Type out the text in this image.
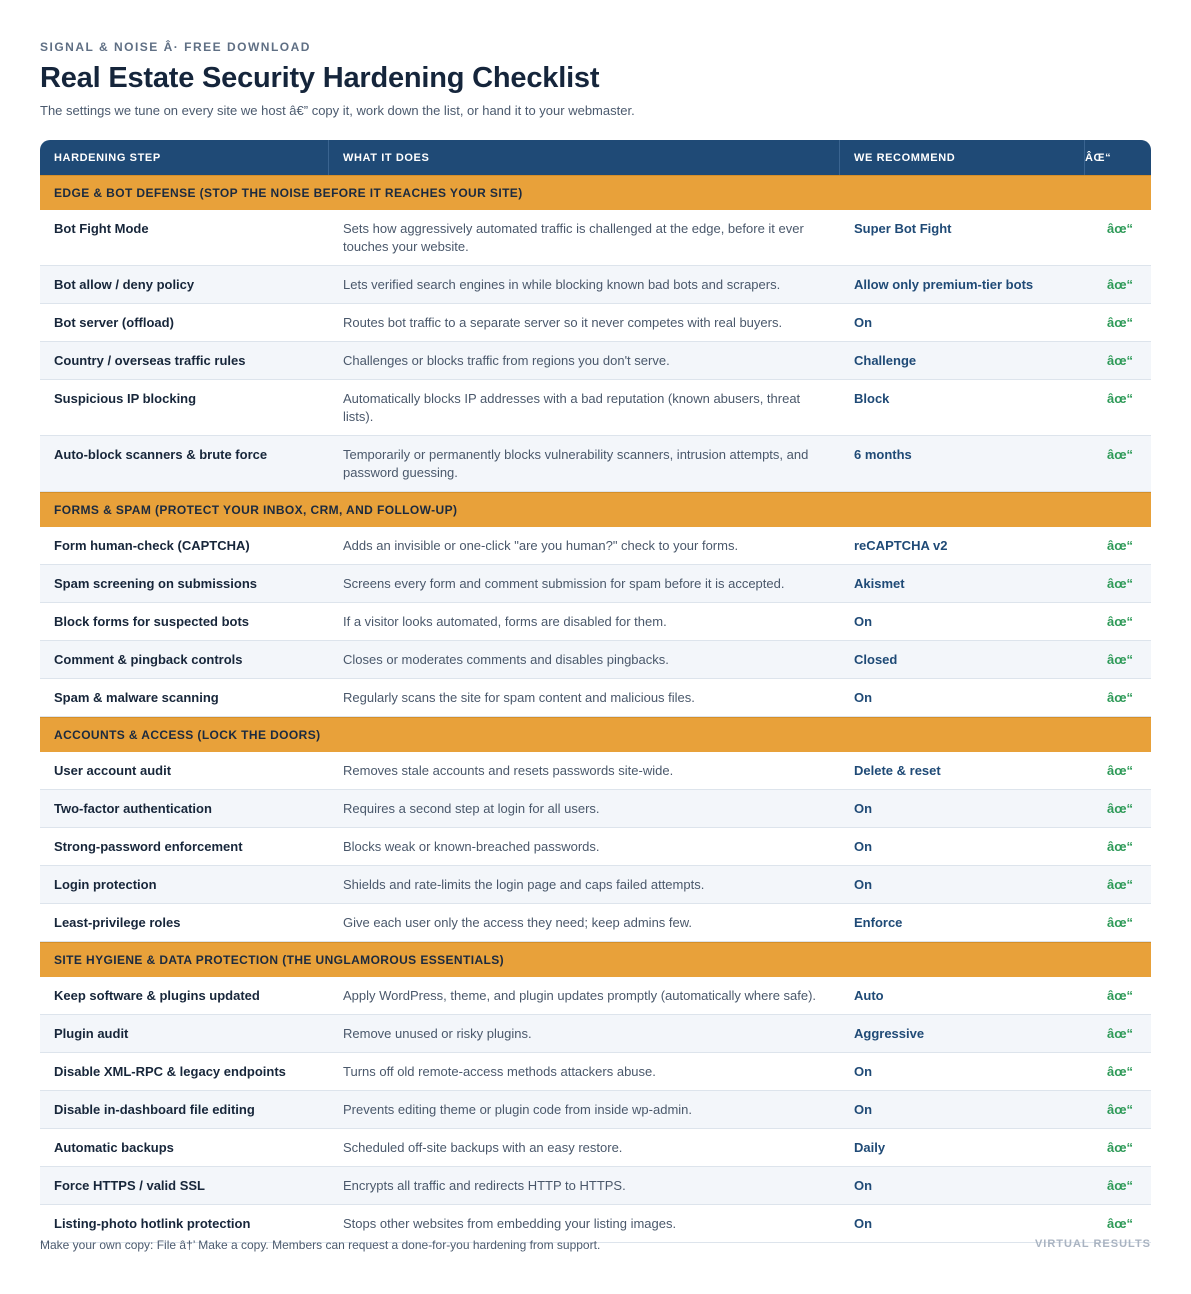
SIGNAL & NOISE Â· FREE DOWNLOAD
Real Estate Security Hardening Checklist

The settings we tune on every site we host â€” copy it, work down the list, or hand it to your webmaster.

HARDENING STEP	WHAT IT DOES	WE RECOMMEND	ÂŒ“
EDGE & BOT DEFENSE (STOP THE NOISE BEFORE IT REACHES YOUR SITE)			
Bot Fight Mode	Sets how aggressively automated traffic is challenged at the edge, before it ever touches your website.	Super Bot Fight	âœ“
Bot allow / deny policy	Lets verified search engines in while blocking known bad bots and scrapers.	Allow only premium-tier bots	âœ“
Bot server (offload)	Routes bot traffic to a separate server so it never competes with real buyers.	On	âœ“
Country / overseas traffic rules	Challenges or blocks traffic from regions you don't serve.	Challenge	âœ“
Suspicious IP blocking	Automatically blocks IP addresses with a bad reputation (known abusers, threat lists).	Block	âœ“
Auto-block scanners & brute force	Temporarily or permanently blocks vulnerability scanners, intrusion attempts, and password guessing.	6 months	âœ“
FORMS & SPAM (PROTECT YOUR INBOX, CRM, AND FOLLOW-UP)			
Form human-check (CAPTCHA)	Adds an invisible or one-click "are you human?" check to your forms.	reCAPTCHA v2	âœ“
Spam screening on submissions	Screens every form and comment submission for spam before it is accepted.	Akismet	âœ“
Block forms for suspected bots	If a visitor looks automated, forms are disabled for them.	On	âœ“
Comment & pingback controls	Closes or moderates comments and disables pingbacks.	Closed	âœ“
Spam & malware scanning	Regularly scans the site for spam content and malicious files.	On	âœ“
ACCOUNTS & ACCESS (LOCK THE DOORS)			
User account audit	Removes stale accounts and resets passwords site-wide.	Delete & reset	âœ“
Two-factor authentication	Requires a second step at login for all users.	On	âœ“
Strong-password enforcement	Blocks weak or known-breached passwords.	On	âœ“
Login protection	Shields and rate-limits the login page and caps failed attempts.	On	âœ“
Least-privilege roles	Give each user only the access they need; keep admins few.	Enforce	âœ“
SITE HYGIENE & DATA PROTECTION (THE UNGLAMOROUS ESSENTIALS)			
Keep software & plugins updated	Apply WordPress, theme, and plugin updates promptly (automatically where safe).	Auto	âœ“
Plugin audit	Remove unused or risky plugins.	Aggressive	âœ“
Disable XML-RPC & legacy endpoints	Turns off old remote-access methods attackers abuse.	On	âœ“
Disable in-dashboard file editing	Prevents editing theme or plugin code from inside wp-admin.	On	âœ“
Automatic backups	Scheduled off-site backups with an easy restore.	Daily	âœ“
Force HTTPS / valid SSL	Encrypts all traffic and redirects HTTP to HTTPS.	On	âœ“
Listing-photo hotlink protection	Stops other websites from embedding your listing images.	On	âœ“
Make your own copy: File â†’ Make a copy. Members can request a done-for-you hardening from support.	VIRTUAL RESULTS
